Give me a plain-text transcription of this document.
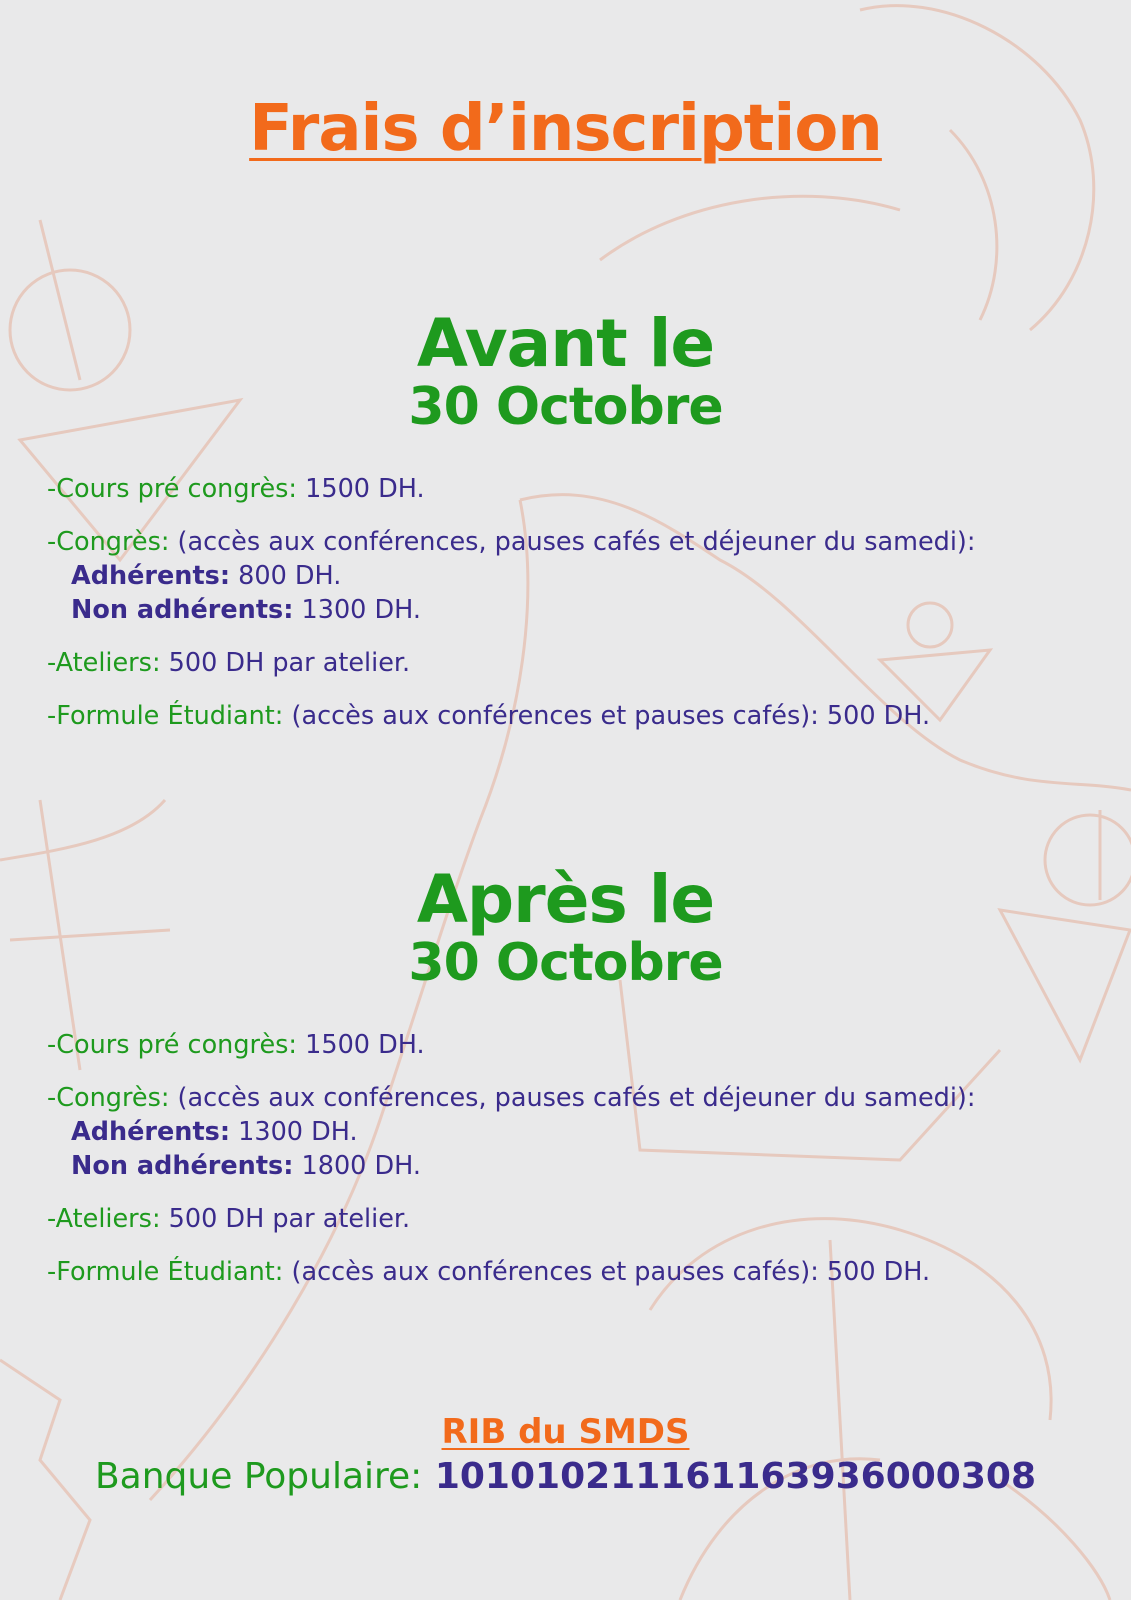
Frais d’inscription
Avant le
30 Octobre
-Cours pré congrès: 1500 DH.
-Congrès: (accès aux conférences, pauses cafés et déjeuner du samedi):
Adhérents: 800 DH.
Non adhérents: 1300 DH.
-Ateliers: 500 DH par atelier.
-Formule Étudiant: (accès aux conférences et pauses cafés): 500 DH.
Après le
30 Octobre
-Cours pré congrès: 1500 DH.
-Congrès: (accès aux conférences, pauses cafés et déjeuner du samedi):
Adhérents: 1300 DH.
Non adhérents: 1800 DH.
-Ateliers: 500 DH par atelier.
-Formule Étudiant: (accès aux conférences et pauses cafés): 500 DH.
RIB du SMDS
Banque Populaire: 101010211161163936000308
